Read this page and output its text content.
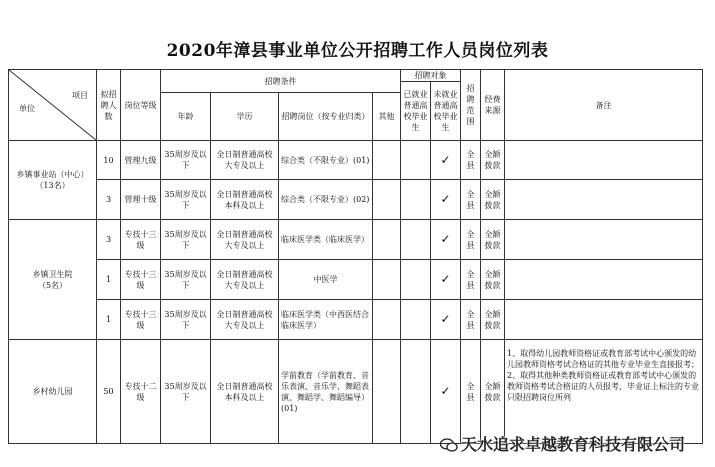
2020年漳县事业单位公开招聘工作人员岗位列表
项目
单位	拟招聘人数	岗位等级	招聘条件				招聘对象		招聘范围	经费来源	备注
							已就业普通高校毕业生	未就业普通高校毕业生			
			年龄	学历	招聘岗位（按专业归类）	其他					
乡镇事业站（中心）
（13名）	10	管理九级	35周岁及以下	全日制普通高校大专及以上	综合类（不限专业）(01)			✓	全县	全额拨款	
	3	管理十级	35周岁及以下	全日制普通高校本科及以上	综合类（不限专业）(02)			✓	全县	全额拨款	
乡镇卫生院
（5名）	3	专技十三级	35周岁及以下	全日制普通高校大专及以上	临床医学类（临床医学）			✓	全县	全额拨款	
	1	专技十三级	35周岁及以下	全日制普通高校大专及以上	中医学			✓	全县	全额拨款	
	1	专技十三级	35周岁及以下	全日制普通高校大专及以上	临床医学类（中西医结合临床医学）			✓	全县	全额拨款	
乡村幼儿园	50	专技十二级	35周岁及以下	全日制普通高校本科及以上	学前教育（学前教育、音乐表演、音乐学、舞蹈表演、舞蹈学、舞蹈编导）(01)			✓	全县	全额拨款	1、取得幼儿园教师资格证或教育部考试中心颁发的幼儿园教师资格考试合格证的其他专业毕业生直接报考；
2、取得其他种类教师资格证或教育部考试中心颁发的教师资格考试合格证的人员报考，毕业证上标注的专业只限招聘岗位所列
天水追求卓越教育科技有限公司
